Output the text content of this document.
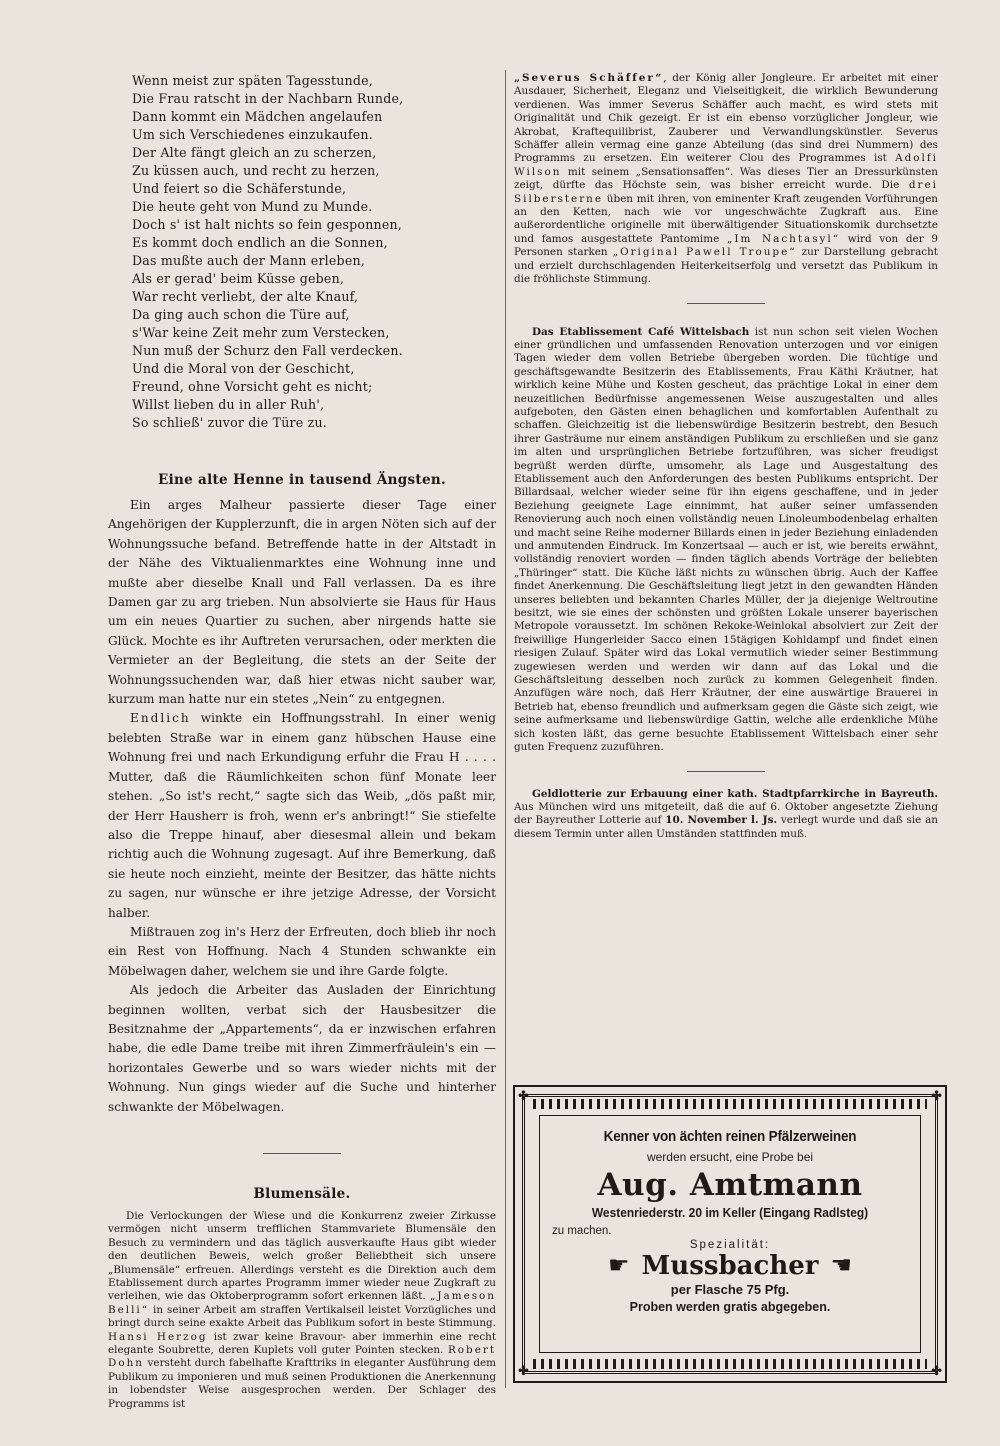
Wenn meist zur späten Tagesstunde,
Die Frau ratscht in der Nachbarn Runde,
Dann kommt ein Mädchen angelaufen
Um sich Verschiedenes einzukaufen.
Der Alte fängt gleich an zu scherzen,
Zu küssen auch, und recht zu herzen,
Und feiert so die Schäferstunde,
Die heute geht von Mund zu Munde.
Doch s' ist halt nichts so fein gesponnen,
Es kommt doch endlich an die Sonnen,
Das mußte auch der Mann erleben,
Als er gerad' beim Küsse geben,
War recht verliebt, der alte Knauf,
Da ging auch schon die Türe auf,
s'War keine Zeit mehr zum Verstecken,
Nun muß der Schurz den Fall verdecken.
Und die Moral von der Geschicht,
Freund, ohne Vorsicht geht es nicht;
Willst lieben du in aller Ruh',
So schließ' zuvor die Türe zu.
Eine alte Henne in tausend Ängsten.

Ein arges Malheur passierte dieser Tage einer Angehörigen der Kupplerzunft, die in argen Nöten sich auf der Wohnungssuche befand. Betreffende hatte in der Altstadt in der Nähe des Viktualienmarktes eine Wohnung inne und mußte aber dieselbe Knall und Fall verlassen. Da es ihre Damen gar zu arg trieben. Nun absolvierte sie Haus für Haus um ein neues Quartier zu suchen, aber nirgends hatte sie Glück. Mochte es ihr Auftreten verursachen, oder merkten die Vermieter an der Begleitung, die stets an der Seite der Wohnungssuchenden war, daß hier etwas nicht sauber war, kurzum man hatte nur ein stetes „Nein“ zu entgegnen.

Endlich winkte ein Hoffnungsstrahl. In einer wenig belebten Straße war in einem ganz hübschen Hause eine Wohnung frei und nach Erkundigung erfuhr die Frau H . . . . Mutter, daß die Räumlichkeiten schon fünf Monate leer stehen. „So ist's recht,“ sagte sich das Weib, „dös paßt mir, der Herr Hausherr is froh, wenn er's anbringt!“ Sie stiefelte also die Treppe hinauf, aber diesesmal allein und bekam richtig auch die Wohnung zugesagt. Auf ihre Bemerkung, daß sie heute noch einzieht, meinte der Besitzer, das hätte nichts zu sagen, nur wünsche er ihre jetzige Adresse, der Vorsicht halber.

Mißtrauen zog in's Herz der Erfreuten, doch blieb ihr noch ein Rest von Hoffnung. Nach 4 Stunden schwankte ein Möbelwagen daher, welchem sie und ihre Garde folgte.

Als jedoch die Arbeiter das Ausladen der Einrichtung beginnen wollten, verbat sich der Hausbesitzer die Besitznahme der „Appartements“, da er inzwischen erfahren habe, die edle Dame treibe mit ihren Zimmerfräulein's ein — horizontales Gewerbe und so wars wieder nichts mit der Wohnung. Nun gings wieder auf die Suche und hinterher schwankte der Möbelwagen.

Blumensäle.

Die Verlockungen der Wiese und die Konkurrenz zweier Zirkusse vermögen nicht unserm trefflichen Stammvariete Blumensäle den Besuch zu vermindern und das täglich ausverkaufte Haus gibt wieder den deutlichen Beweis, welch großer Beliebtheit sich unsere „Blumensäle“ erfreuen. Allerdings versteht es die Direktion auch dem Etablissement durch apartes Programm immer wieder neue Zugkraft zu verleihen, wie das Oktoberprogramm sofort erkennen läßt. „Jameson Belli“ in seiner Arbeit am straffen Vertikalseil leistet Vorzügliches und bringt durch seine exakte Arbeit das Publikum sofort in beste Stimmung. Hansi Herzog ist zwar keine Bravour- aber immerhin eine recht elegante Soubrette, deren Kuplets voll guter Pointen stecken. Robert Dohn versteht durch fabelhafte Krafttriks in eleganter Ausführung dem Publikum zu imponieren und muß seinen Produktionen die Anerkennung in lobendster Weise ausgesprochen werden. Der Schlager des Programms ist

„Severus Schäffer“, der König aller Jongleure. Er arbeitet mit einer Ausdauer, Sicherheit, Eleganz und Vielseitigkeit, die wirklich Bewunderung verdienen. Was immer Severus Schäffer auch macht, es wird stets mit Originalität und Chik gezeigt. Er ist ein ebenso vorzüglicher Jongleur, wie Akrobat, Kraftequilibrist, Zauberer und Verwandlungskünstler. Severus Schäffer allein vermag eine ganze Abteilung (das sind drei Nummern) des Programms zu ersetzen. Ein weiterer Clou des Programmes ist Adolfi Wilson mit seinem „Sensationsaffen“. Was dieses Tier an Dressurkünsten zeigt, dürfte das Höchste sein, was bisher erreicht wurde. Die drei Silbersterne üben mit ihren, von eminenter Kraft zeugenden Vorführungen an den Ketten, nach wie vor ungeschwächte Zugkraft aus. Eine außerordentliche originelle mit überwältigender Situationskomik durchsetzte und famos ausgestattete Pantomime „Im Nachtasyl“ wird von der 9 Personen starken „Original Pawell Troupe“ zur Darstellung gebracht und erzielt durchschlagenden Heiterkeitserfolg und versetzt das Publikum in die fröhlichste Stimmung.

Das Etablissement Café Wittelsbach ist nun schon seit vielen Wochen einer gründlichen und umfassenden Renovation unterzogen und vor einigen Tagen wieder dem vollen Betriebe übergeben worden. Die tüchtige und geschäftsgewandte Besitzerin des Etablissements, Frau Käthi Kräutner, hat wirklich keine Mühe und Kosten gescheut, das prächtige Lokal in einer dem neuzeitlichen Bedürfnisse angemessenen Weise auszugestalten und alles aufgeboten, den Gästen einen behaglichen und komfortablen Aufenthalt zu schaffen. Gleichzeitig ist die liebenswürdige Besitzerin bestrebt, den Besuch ihrer Gasträume nur einem anständigen Publikum zu erschließen und sie ganz im alten und ursprünglichen Betriebe fortzuführen, was sicher freudigst begrüßt werden dürfte, umsomehr, als Lage und Ausgestaltung des Etablissement auch den Anforderungen des besten Publikums entspricht. Der Billardsaal, welcher wieder seine für ihn eigens geschaffene, und in jeder Beziehung geeignete Lage einnimmt, hat außer seiner umfassenden Renovierung auch noch einen vollständig neuen Linoleumbodenbelag erhalten und macht seine Reihe moderner Billards einen in jeder Beziehung einladenden und anmutenden Eindruck. Im Konzertsaal — auch er ist, wie bereits erwähnt, vollständig renoviert worden — finden täglich abends Vorträge der beliebten „Thüringer“ statt. Die Küche läßt nichts zu wünschen übrig. Auch der Kaffee findet Anerkennung. Die Geschäftsleitung liegt jetzt in den gewandten Händen unseres beliebten und bekannten Charles Müller, der ja diejenige Weltroutine besitzt, wie sie eines der schönsten und größten Lokale unserer bayerischen Metropole voraussetzt. Im schönen Rekoke-Weinlokal absolviert zur Zeit der freiwillige Hungerleider Sacco einen 15tägigen Kohldampf und findet einen riesigen Zulauf. Später wird das Lokal vermutlich wieder seiner Bestimmung zugewiesen werden und werden wir dann auf das Lokal und die Geschäftsleitung desselben noch zurück zu kommen Gelegenheit finden. Anzufügen wäre noch, daß Herr Kräutner, der eine auswärtige Brauerei in Betrieb hat, ebenso freundlich und aufmerksam gegen die Gäste sich zeigt, wie seine aufmerksame und liebenswürdige Gattin, welche alle erdenkliche Mühe sich kosten läßt, das gerne besuchte Etablissement Wittelsbach einer sehr guten Frequenz zuzuführen.

Geldlotterie zur Erbauung einer kath. Stadtpfarrkirche in Bayreuth. Aus München wird uns mitgeteilt, daß die auf 6. Oktober angesetzte Ziehung der Bayreuther Lotterie auf 10. November l. Js. verlegt wurde und daß sie an diesem Termin unter allen Umständen stattfinden muß.

✤	✤
✤	✤
Kenner von ächten reinen Pfälzerweinen
werden ersucht, eine Probe bei
Aug. Amtmann
Westenriederstr. 20 im Keller (Eingang Radlsteg)
zu machen.
Spezialität:
☛ Mussbacher ☚
per Flasche 75 Pfg.
Proben werden gratis abgegeben.
